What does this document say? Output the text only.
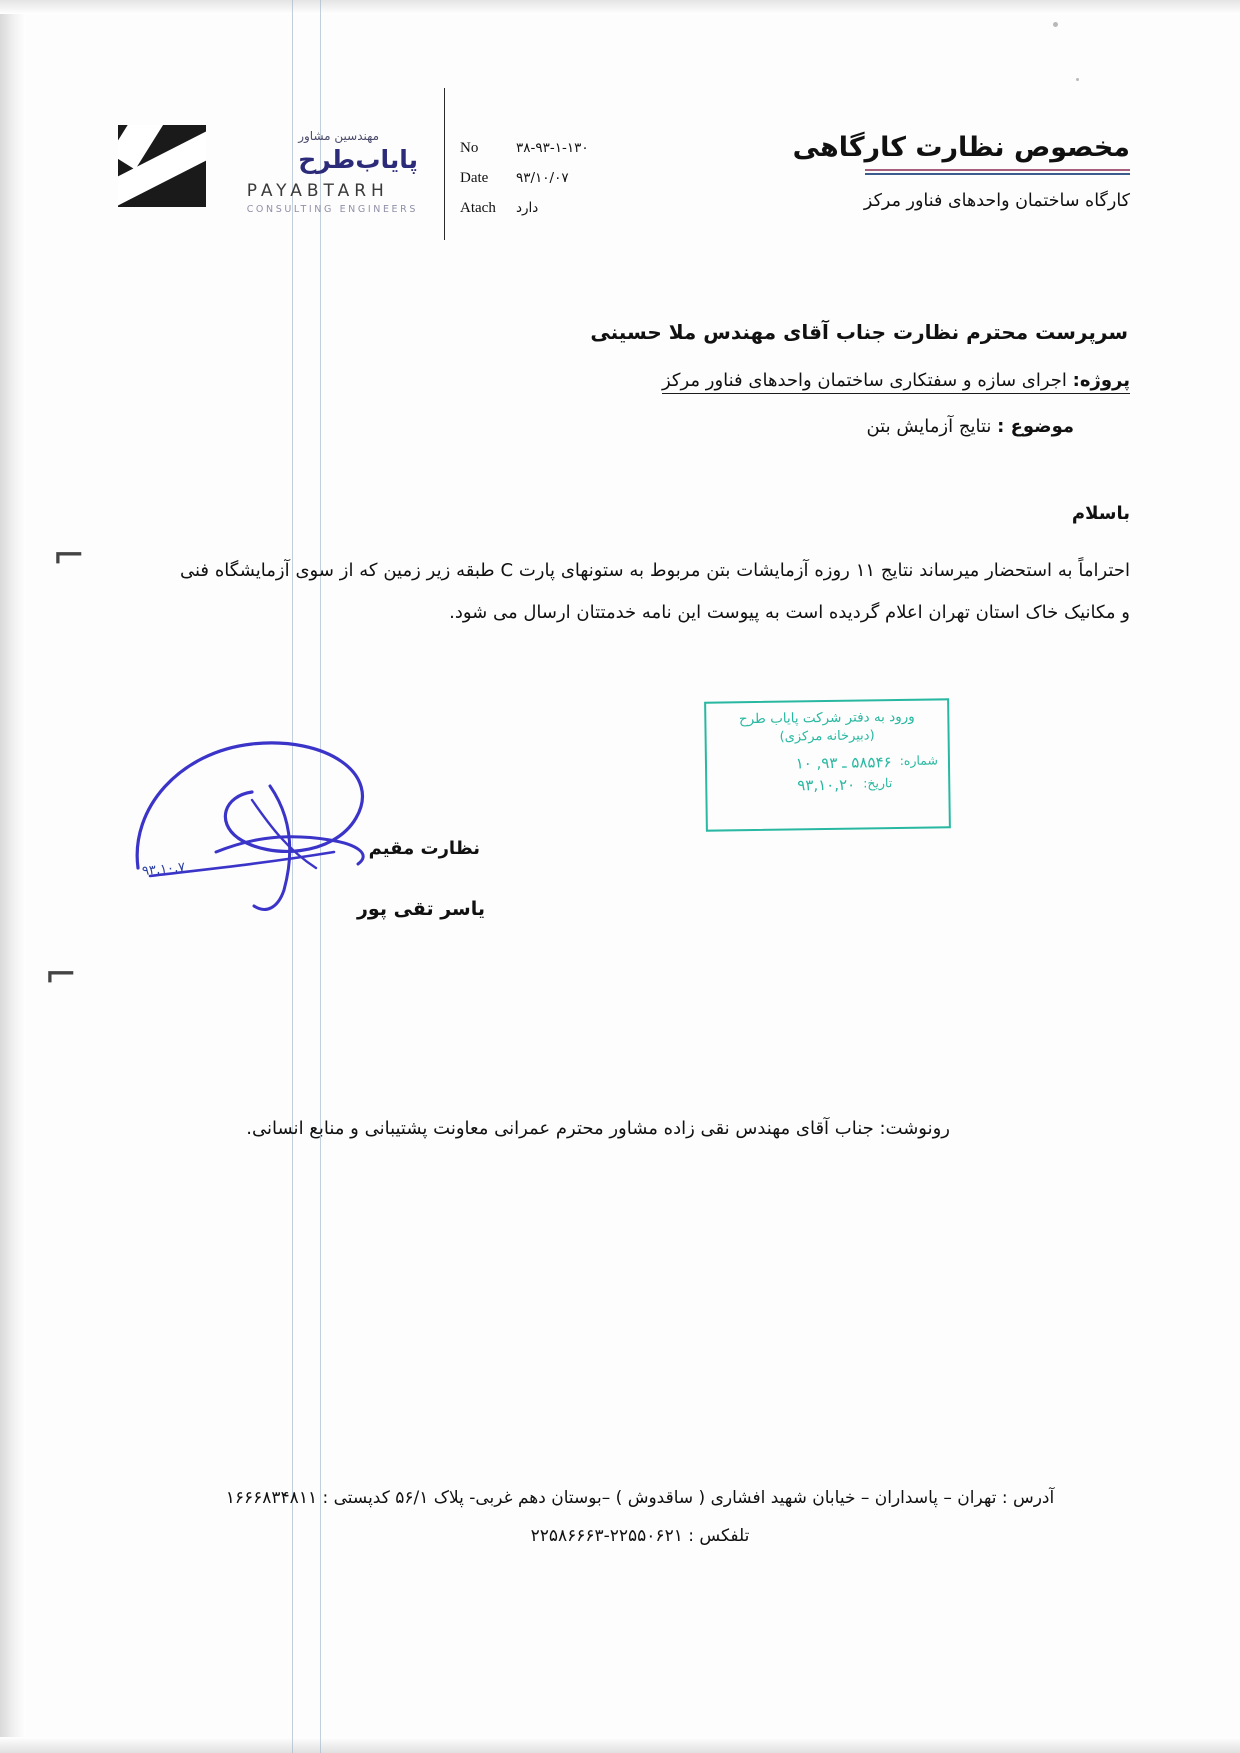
مهندسین مشاور
پایاب‌طرح
PAYABTARH
CONSULTING ENGINEERS
No	۳۸-۹۳-۱-۱۳۰
Date	۹۳/۱۰/۰۷
Atach	دارد
مخصوص نظارت کارگاهی
کارگاه ساختمان واحدهای فناور مرکز
سرپرست محترم نظارت جناب آقای مهندس ملا حسینی
پروژه: اجرای سازه و سفتکاری ساختمان واحدهای فناور مرکز
موضوع : نتایج آزمایش بتن
باسلام
احتراماً به استحضار میرساند نتایج ۱۱ روزه آزمایشات بتن مربوط به ستونهای پارت C طبقه زیر زمین که از سوی آزمایشگاه فنی و مکانیک خاک استان تهران اعلام گردیده است به پیوست این نامه خدمتتان ارسال می شود.
⌐
⌐
ورود به دفتر شرکت پایاب طرح
(دبیرخانه مرکزی)
شماره:
۵۸۵۴۶ ـ ۹۳, ۱۰
تاریخ:
۹۳,۱۰,۲۰
۹۳,۱۰,۷
نظارت مقیم
یاسر تقی پور
رونوشت: جناب آقای مهندس نقی زاده مشاور محترم عمرانی معاونت پشتیبانی و منابع انسانی.
آدرس : تهران – پاسداران – خیابان شهید افشاری ( ساقدوش ) –بوستان دهم غربی- پلاک ۵۶/۱ کدپستی : ۱۶۶۶۸۳۴۸۱۱
تلفکس : ۲۲۵۵۰۶۲۱-۲۲۵۸۶۶۶۳
